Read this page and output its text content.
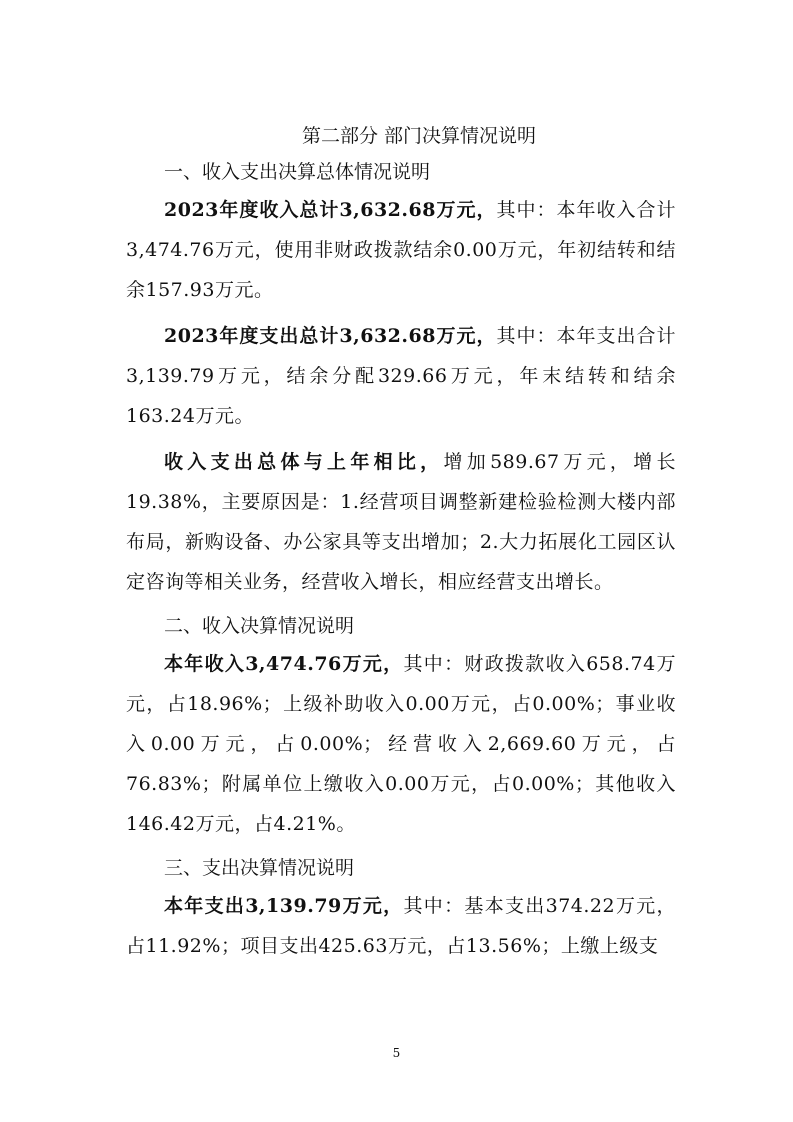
第二部分 部门决算情况说明
一、收入支出决算总体情况说明

2023年度收入总计3,632.68万元，其中：本年收入合计3,474.76万元，使用非财政拨款结余0.00万元，年初结转和结余157.93万元。

2023年度支出总计3,632.68万元，其中：本年支出合计3,139.79万元，结余分配329.66万元，年末结转和结余163.24万元。

收入支出总体与上年相比，增加589.67万元，增长19.38%，主要原因是：1.经营项目调整新建检验检测大楼内部布局，新购设备、办公家具等支出增加；2.大力拓展化工园区认定咨询等相关业务，经营收入增长，相应经营支出增长。

二、收入决算情况说明

本年收入3,474.76万元，其中：财政拨款收入658.74万元，占18.96%；上级补助收入0.00万元，占0.00%；事业收入0.00万元，占0.00%；经营收入2,669.60万元，占76.83%；附属单位上缴收入0.00万元，占0.00%；其他收入146.42万元，占4.21%。

三、支出决算情况说明

本年支出3,139.79万元，其中：基本支出374.22万元，占11.92%；项目支出425.63万元，占13.56%；上缴上级支

5
